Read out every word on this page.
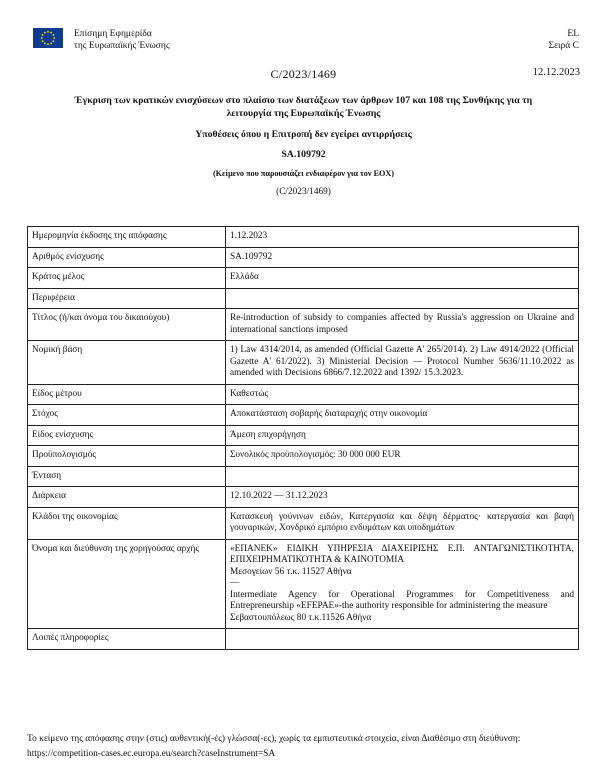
Επίσημη Εφημερίδα
της Ευρωπαϊκής Ένωσης
EL
Σειρά C
C/2023/1469	12.12.2023
Έγκριση των κρατικών ενισχύσεων στο πλαίσιο των διατάξεων των άρθρων 107 και 108 της Συνθήκης για τη λειτουργία της Ευρωπαϊκής Ένωσης
Υποθέσεις όπου η Επιτροπή δεν εγείρει αντιρρήσεις
SA.109792
(Κείμενο που παρουσιάζει ενδιαφέρον για τον ΕΟΧ)
(C/2023/1469)
Ημερομηνία έκδοσης της απόφασης	1.12.2023
Αριθμός ενίσχυσης	SA.109792
Κράτος μέλος	Ελλάδα
Περιφέρεια	
Τίτλος (ή/και όνομα του δικαιούχου)	Re-introduction of subsidy to companies affected by Russia's aggression on Ukraine and international sanctions imposed
Νομική βάση	1) Law 4314/2014, as amended (Official Gazette A' 265/2014). 2) Law 4914/2022 (Official Gazette A' 61/2022). 3) Ministerial Decision — Protocol Number 5636/11.10.2022 as amended with Decisions 6866/7.12.2022 and 1392/ 15.3.2023.
Είδος μέτρου	Καθεστώς
Στόχος	Αποκατάσταση σοβαρής διαταραχής στην οικονομία
Είδος ενίσχυσης	Άμεση επιχορήγηση
Προϋπολογισμός	Συνολικός προϋπολογισμός: 30 000 000 EUR
Ένταση	
Διάρκεια	12.10.2022 — 31.12.2023
Κλάδοι της οικονομίας	Κατασκευή γούνινων ειδών, Κατεργασία και δέψη δέρματος· κατεργασία και βαφή γουναρικών, Χονδρικό εμπόριο ενδυμάτων και υποδημάτων
Όνομα και διεύθυνση της χορηγούσας αρχής	«ΕΠΑΝΕΚ» ΕΙΔΙΚΗ ΥΠΗΡΕΣΙΑ ΔΙΑΧΕΙΡΙΣΗΣ Ε.Π. ΑΝΤΑΓΩΝΙΣΤΙΚΟΤΗΤΑ, ΕΠΙΧΕΙΡΗΜΑΤΙΚΟΤΗΤΑ & ΚΑΙΝΟΤΟΜΙΑ
Μεσογείων 56 τ.κ. 11527 Αθήνα
—
Intermediate Agency for Operational Programmes for Competitiveness and Entrepreneurship «EFEPAE»-the authority responsible for administering the measure
Σεβαστουπόλεως 80 τ.κ.11526 Αθήνα

Λοιπές πληροφορίες	
Το κείμενο της απόφασης στην (στις) αυθεντική(-ές) γλώσσα(-ες), χωρίς τα εμπιστευτικά στοιχεία, είναι Διαθέσιμο στη διεύθυνση:
https://competition-cases.ec.europa.eu/search?caseInstrument=SA
